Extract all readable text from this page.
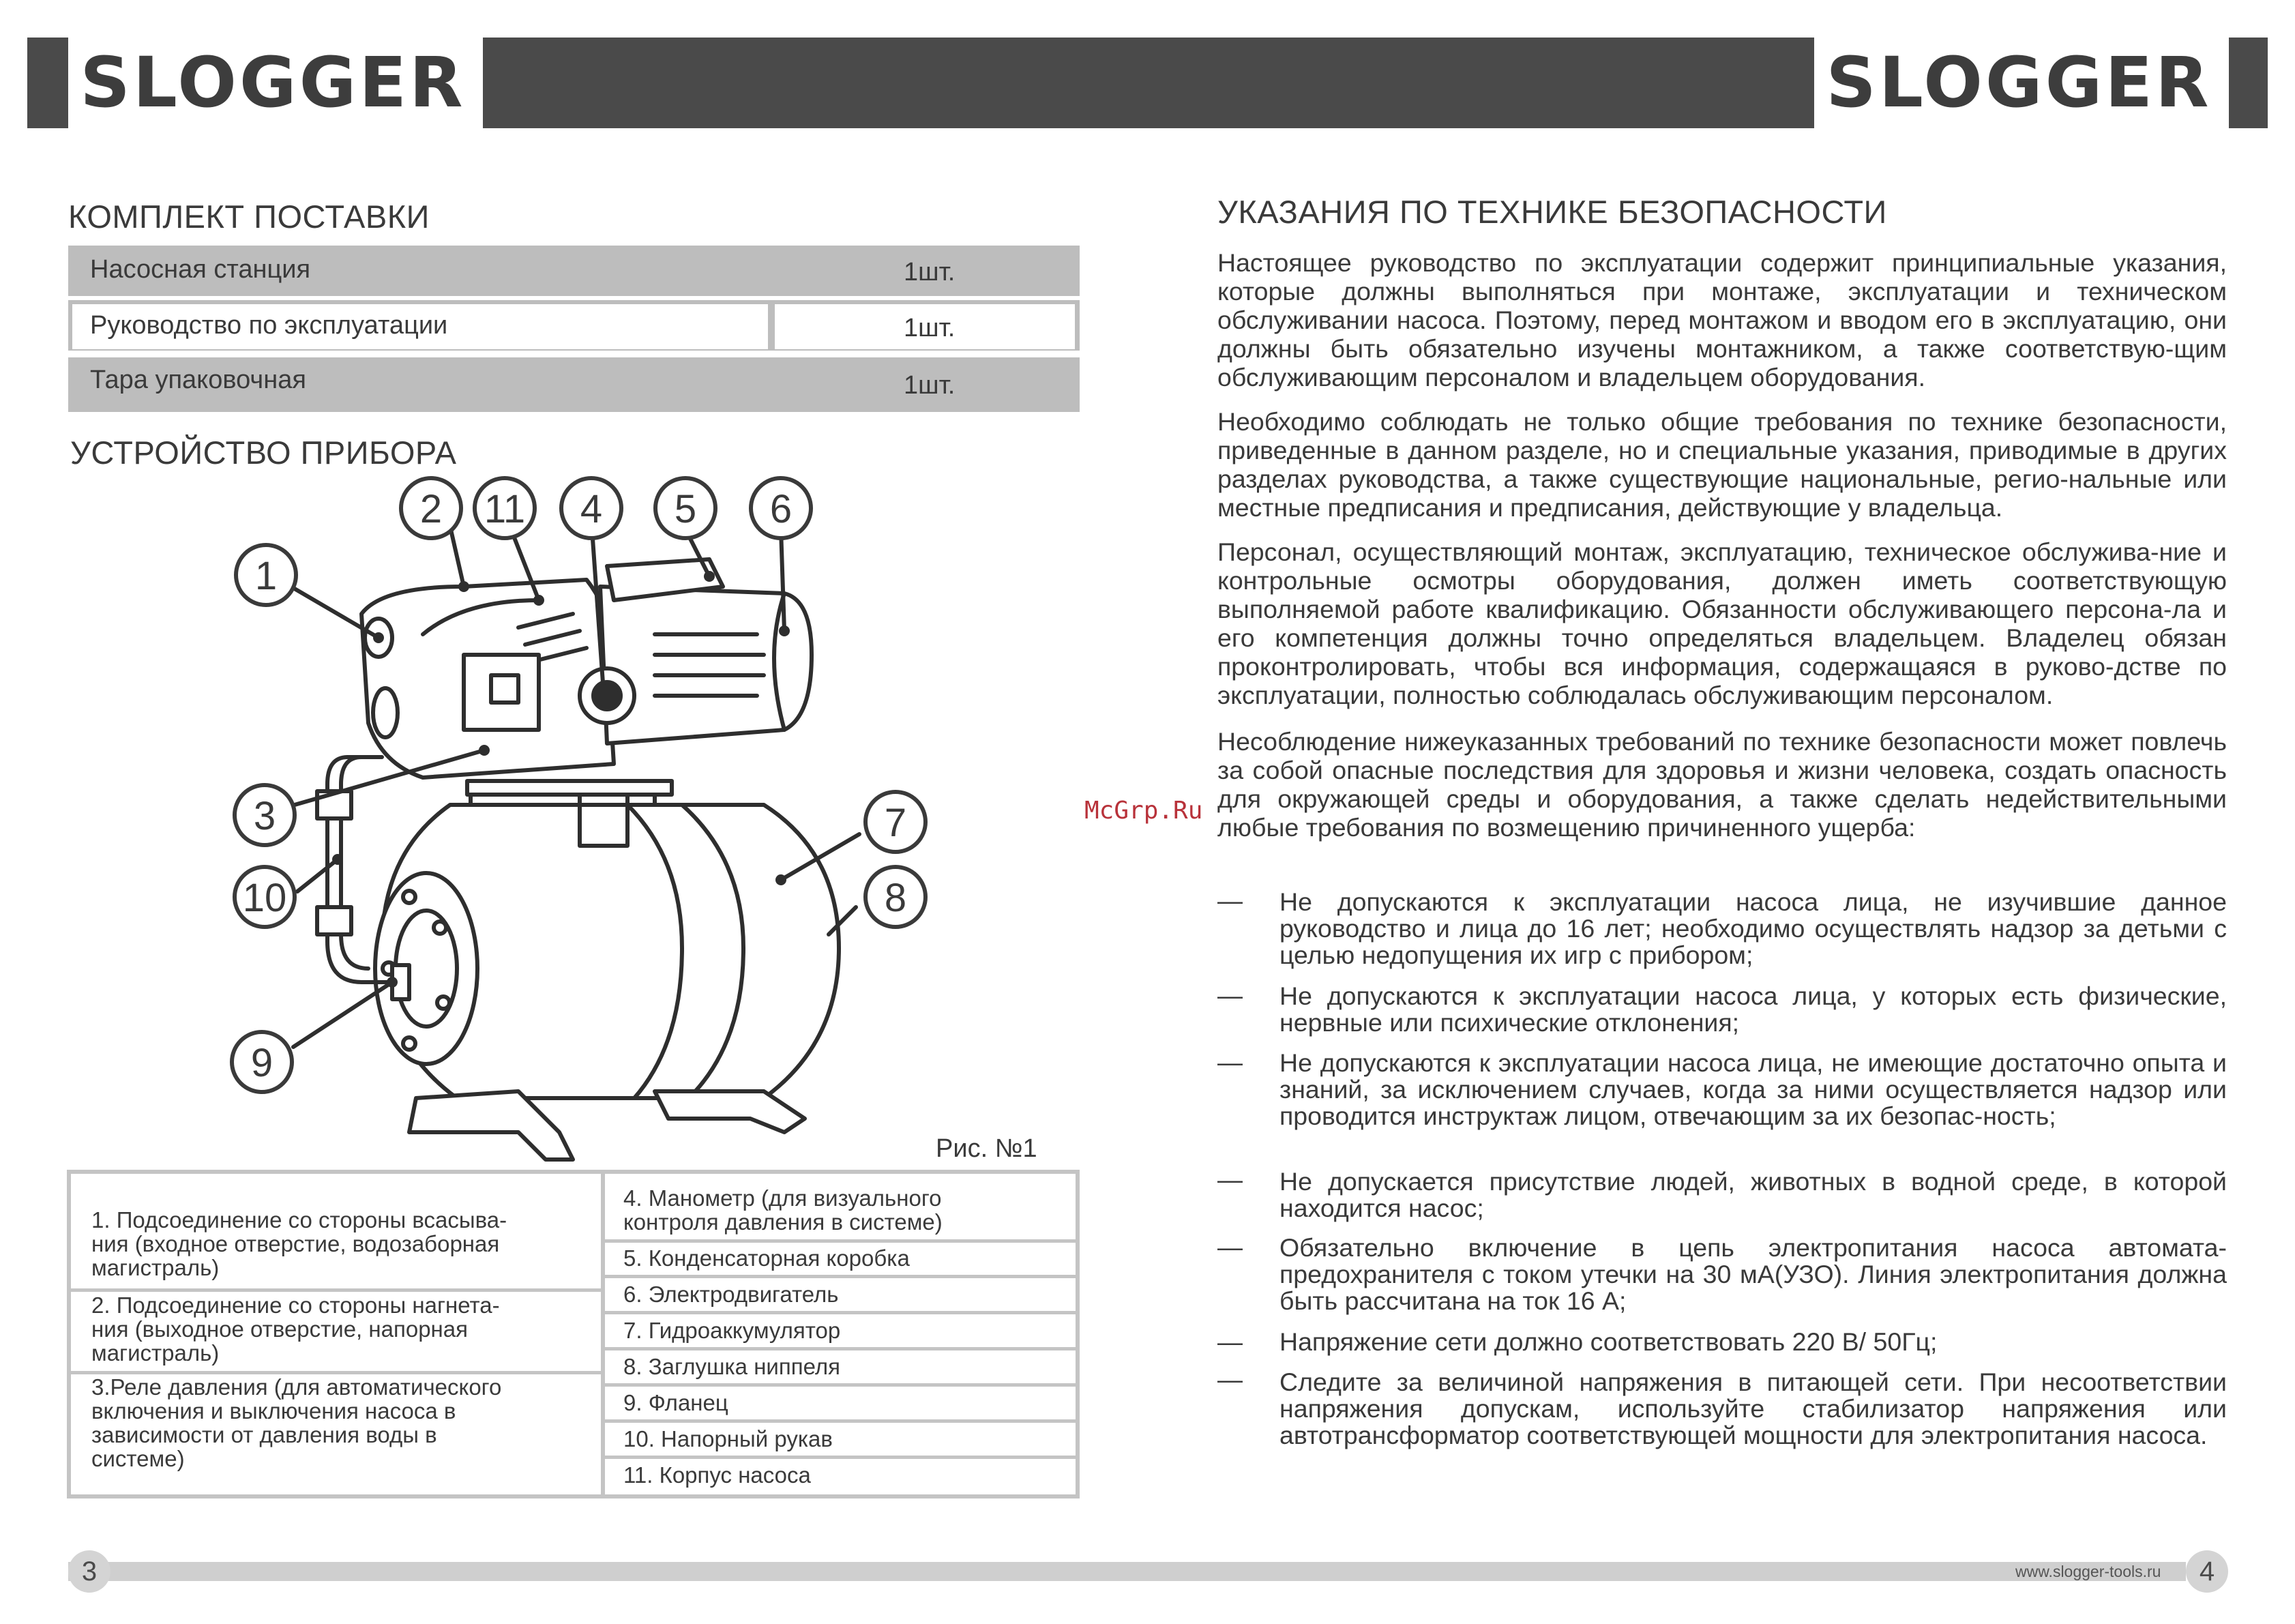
SLOGGER	SLOGGER
КОМПЛЕКТ ПОСТАВКИ
Насосная станция	1шт.
Руководство по эксплуатации	1шт.
Тара упаковочная	1шт.
УСТРОЙСТВО ПРИБОРА
1
2 11 4 5 6
3	7
10	8
9
Рис. №1
1. Подсоединение со стороны всасыва-
ния (входное отверстие, водозаборная
магистраль)
2. Подсоединение со стороны нагнета-
ния (выходное отверстие, напорная
магистраль)
3.Реле давления (для автоматического
включения и выключения насоса в
зависимости от давления воды в
системе)
4. Манометр (для визуального
контроля давления в системе)
5. Конденсаторная коробка
6. Электродвигатель
7. Гидроаккумулятор
8. Заглушка ниппеля
9. Фланец
10. Напорный рукав
11. Корпус насоса
УКАЗАНИЯ ПО ТЕХНИКЕ БЕЗОПАСНОСТИ
Настоящее руководство по эксплуатации содержит принципиальные указания, которые должны выполняться при монтаже, эксплуатации и техническом обслуживании насоса. Поэтому, перед монтажом и вводом его в эксплуатацию, они должны быть обязательно изучены монтажником, а также соответствую-щим обслуживающим персоналом и владельцем оборудования.
Необходимо соблюдать не только общие требования по технике безопасности, приведенные в данном разделе, но и специальные указания, приводимые в других разделах руководства, а также существующие национальные, регио-нальные или местные предписания и предписания, действующие у владельца.
Персонал, осуществляющий монтаж, эксплуатацию, техническое обслужива-ние и контрольные осмотры оборудования, должен иметь соответствующую выполняемой работе квалификацию. Обязанности обслуживающего персона-ла и его компетенция должны точно определяться владельцем. Владелец обязан проконтролировать, чтобы вся информация, содержащаяся в руково-дстве по эксплуатации, полностью соблюдалась обслуживающим персоналом.
Несоблюдение нижеуказанных требований по технике безопасности может повлечь за собой опасные последствия для здоровья и жизни человека, создать опасность для окружающей среды и оборудования, а также сделать недействительными любые требования по возмещению причиненного ущерба:
McGrp.Ru
— Не допускаются к эксплуатации насоса лица, не изучившие данное руководство и лица до 16 лет; необходимо осуществлять надзор за детьми с целью недопущения их игр с прибором;
— Не допускаются к эксплуатации насоса лица, у которых есть физические, нервные или психические отклонения;
— Не допускаются к эксплуатации насоса лица, не имеющие достаточно опыта и знаний, за исключением случаев, когда за ними осуществляется надзор или проводится инструктаж лицом, отвечающим за их безопас-ность;
— Не допускается присутствие людей, животных в водной среде, в которой находится насос;
— Обязательно включение в цепь электропитания насоса автомата-предохранителя с током утечки на 30 мА(УЗО). Линия электропитания должна быть рассчитана на ток 16 А;
— Напряжение сети должно соответствовать 220 В/ 50Гц;
— Следите за величиной напряжения в питающей сети. При несоответствии напряжения допускам, используйте стабилизатор напряжения или автотрансформатор соответствующей мощности для электропитания насоса.
3	www.slogger-tools.ru	4
